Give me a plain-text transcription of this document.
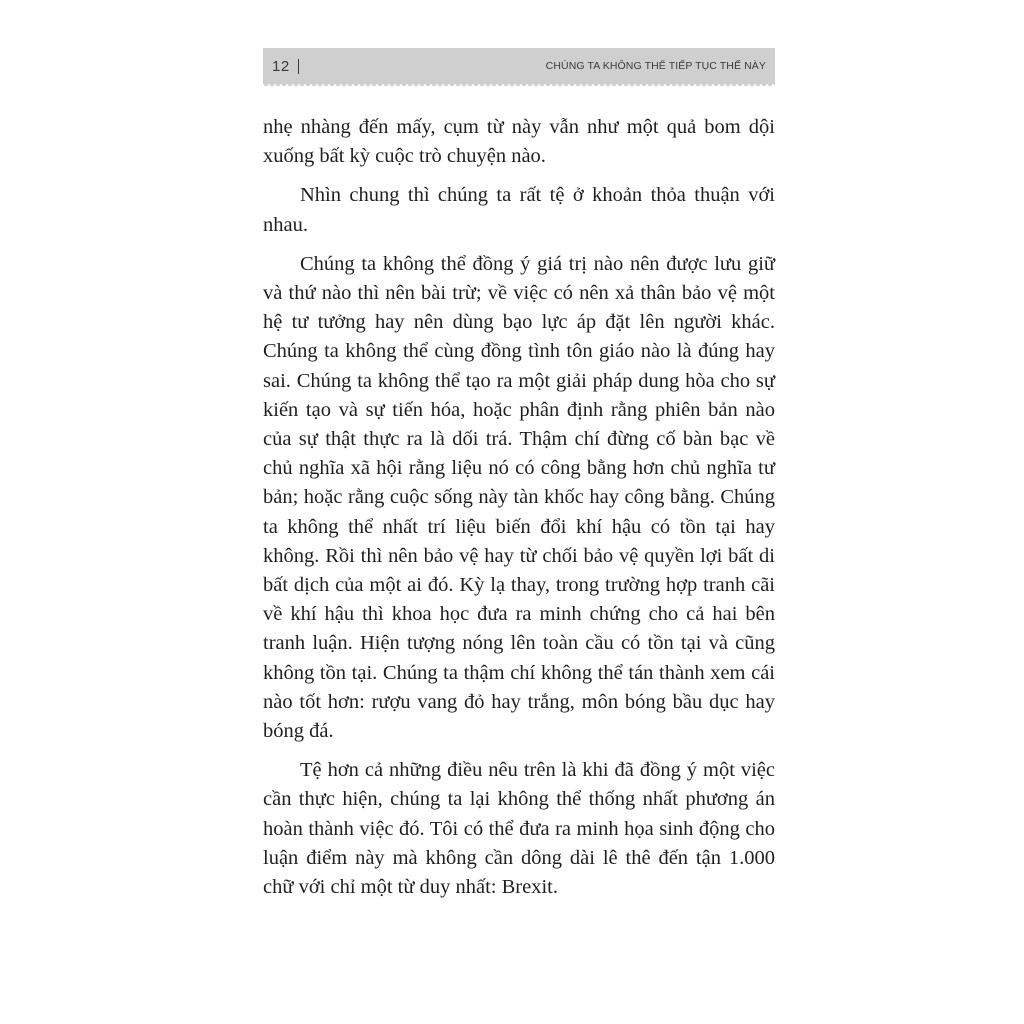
12	CHÚNG TA KHÔNG THỂ TIẾP TỤC THẾ NÀY

nhẹ nhàng đến mấy, cụm từ này vẫn như một quả bom dội xuống bất kỳ cuộc trò chuyện nào.

Nhìn chung thì chúng ta rất tệ ở khoản thỏa thuận với nhau.

Chúng ta không thể đồng ý giá trị nào nên được lưu giữ và thứ nào thì nên bài trừ; về việc có nên xả thân bảo vệ một hệ tư tưởng hay nên dùng bạo lực áp đặt lên người khác. Chúng ta không thể cùng đồng tình tôn giáo nào là đúng hay sai. Chúng ta không thể tạo ra một giải pháp dung hòa cho sự kiến tạo và sự tiến hóa, hoặc phân định rằng phiên bản nào của sự thật thực ra là dối trá. Thậm chí đừng cố bàn bạc về chủ nghĩa xã hội rằng liệu nó có công bằng hơn chủ nghĩa tư bản; hoặc rằng cuộc sống này tàn khốc hay công bằng. Chúng ta không thể nhất trí liệu biến đổi khí hậu có tồn tại hay không. Rồi thì nên bảo vệ hay từ chối bảo vệ quyền lợi bất di bất dịch của một ai đó. Kỳ lạ thay, trong trường hợp tranh cãi về khí hậu thì khoa học đưa ra minh chứng cho cả hai bên tranh luận. Hiện tượng nóng lên toàn cầu có tồn tại và cũng không tồn tại. Chúng ta thậm chí không thể tán thành xem cái nào tốt hơn: rượu vang đỏ hay trắng, môn bóng bầu dục hay bóng đá.

Tệ hơn cả những điều nêu trên là khi đã đồng ý một việc cần thực hiện, chúng ta lại không thể thống nhất phương án hoàn thành việc đó. Tôi có thể đưa ra minh họa sinh động cho luận điểm này mà không cần dông dài lê thê đến tận 1.000 chữ với chỉ một từ duy nhất: Brexit.
